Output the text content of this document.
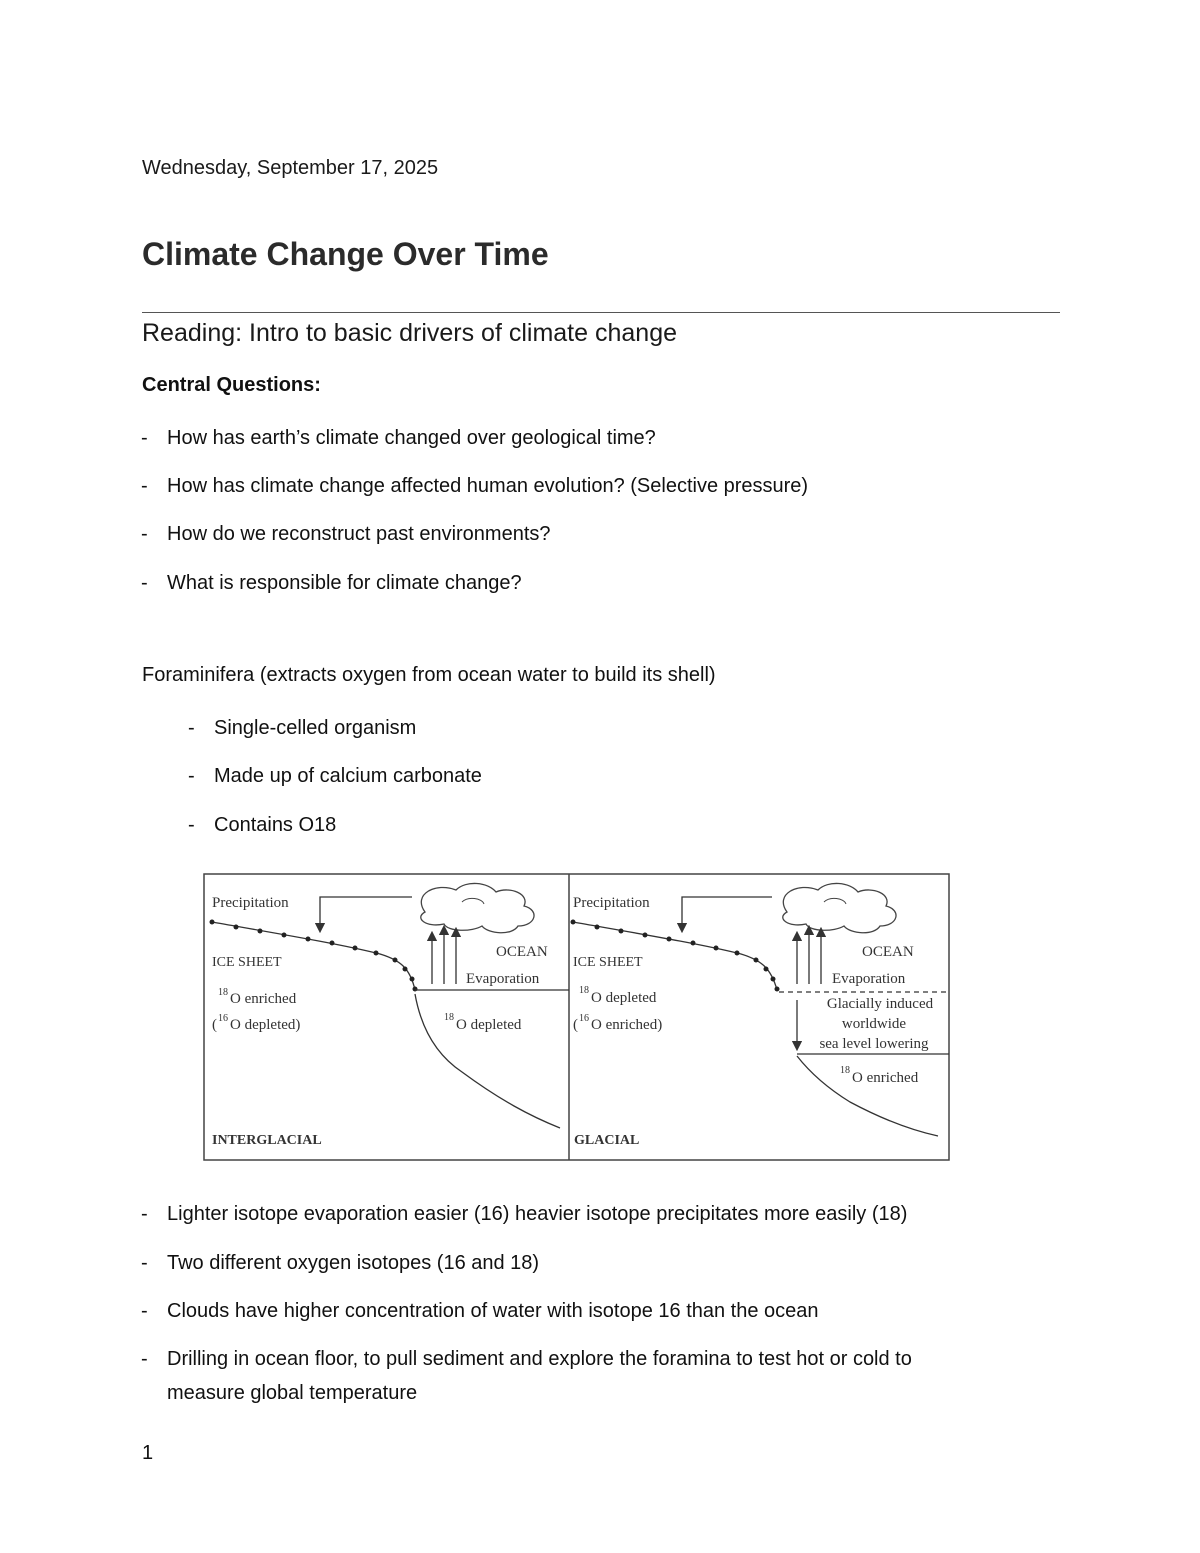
Wednesday, September 17, 2025
Climate Change Over Time
Reading: Intro to basic drivers of climate change
Central Questions:
- How has earth’s climate changed over geological time?
- How has climate change affected human evolution? (Selective pressure)
- How do we reconstruct past environments?
- What is responsible for climate change?
Foraminifera (extracts oxygen from ocean water to build its shell)
- Single-celled organism
- Made up of calcium carbonate
- Contains O18
Precipitation
OCEAN
Evaporation
ICE SHEET
18 O enriched
( 16 O depleted)	18 O depleted
INTERGLACIAL
Precipitation
OCEAN
Evaporation
ICE SHEET
18 O depleted
( 16 O enriched)
Glacially induced
worldwide
sea level lowering
18 O enriched
GLACIAL
- Lighter isotope evaporation easier (16) heavier isotope precipitates more easily (18)
- Two different oxygen isotopes (16 and 18)
- Clouds have higher concentration of water with isotope 16 than the ocean
- Drilling in ocean floor, to pull sediment and explore the foramina to test hot or cold to
measure global temperature
1
